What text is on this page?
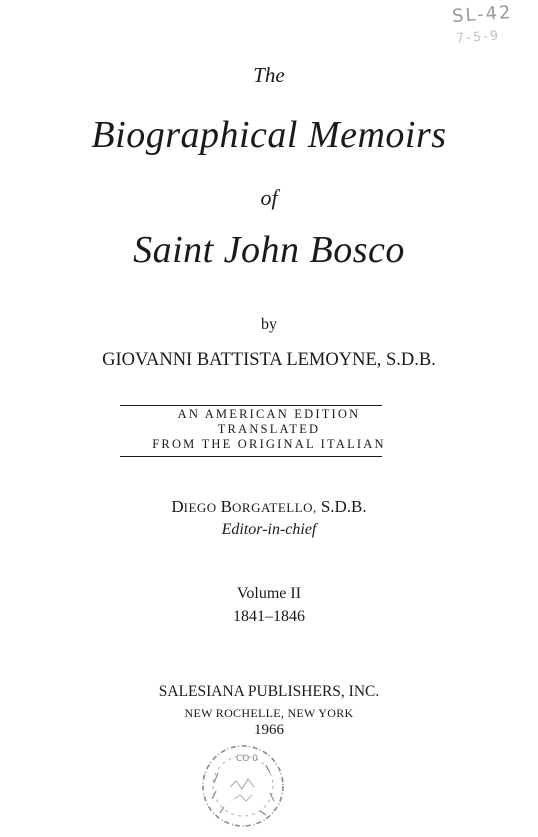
SL-42
7-5-9
The
Biographical Memoirs
of
Saint John Bosco
by
GIOVANNI BATTISTA LEMOYNE, S.D.B.
AN AMERICAN EDITION
TRANSLATED
FROM THE ORIGINAL ITALIAN
DIEGO BORGATELLO, S.D.B.
Editor-in-chief
Volume II
1841–1846
SALESIANA PUBLISHERS, INC.
NEW ROCHELLE, NEW YORK
1966
CO 0
